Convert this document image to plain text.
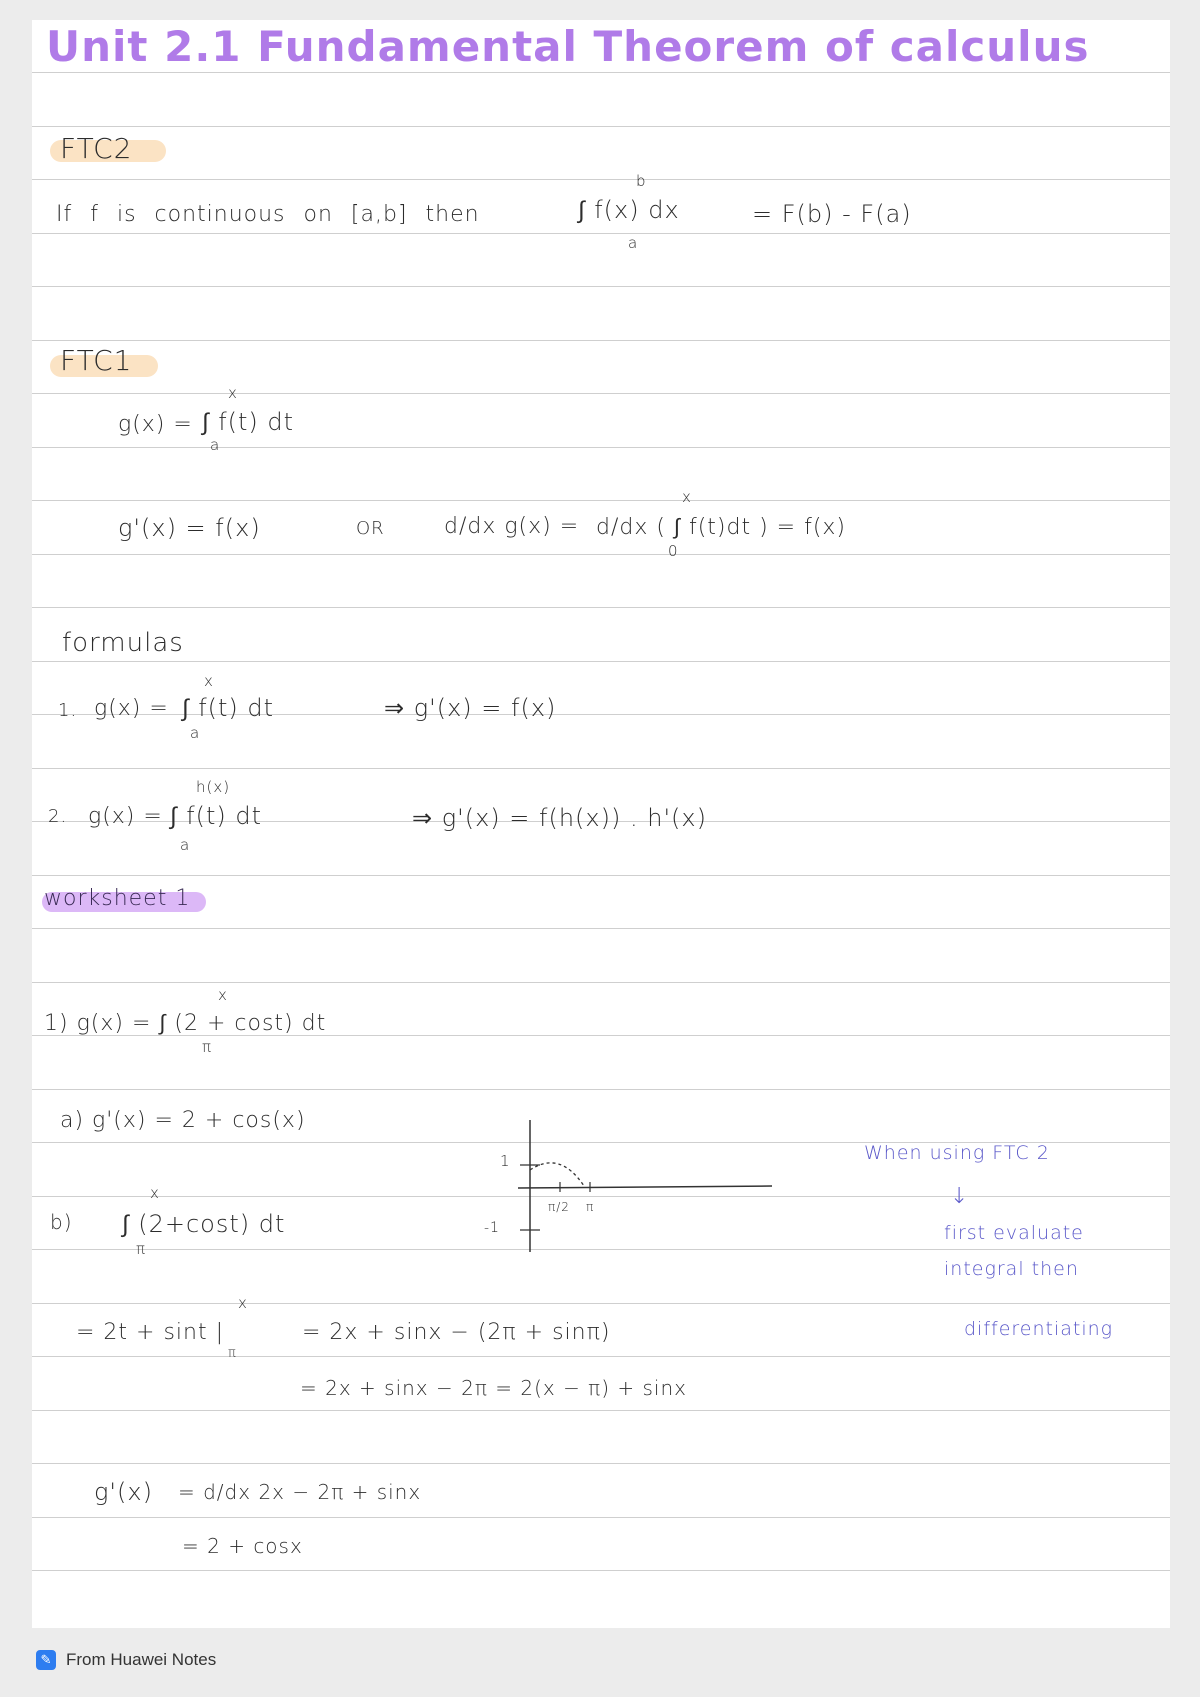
Unit 2.1 Fundamental Theorem of calculus
FTC2
If f is continuous on [a,b] then	∫ f(x) dx
b
a
= F(b) - F(a)
FTC1
g(x) = ∫ f(t) dt
x
a
g'(x) = f(x)	OR	d/dx g(x) = d/dx ( ∫ f(t)dt ) = f(x)
x
0
formulas
1. g(x) = ∫ f(t) dt
x
a
⇒ g'(x) = f(x)
2. g(x) = ∫ f(t) dt
h(x)
a
⇒ g'(x) = f(h(x)) . h'(x)
worksheet 1
1) g(x) = ∫ (2 + cost) dt
x
π
a) g'(x) = 2 + cos(x)
b) ∫ (2+cost) dt
x
π
= 2t + sint |
x
π
= 2x + sinx − (2π + sinπ)
= 2x + sinx − 2π = 2(x − π) + sinx
g'(x) = d/dx 2x − 2π + sinx
= 2 + cosx
1
-1
π/2 π
When using FTC 2
↓
first evaluate
integral then
differentiating
✎ From Huawei Notes
